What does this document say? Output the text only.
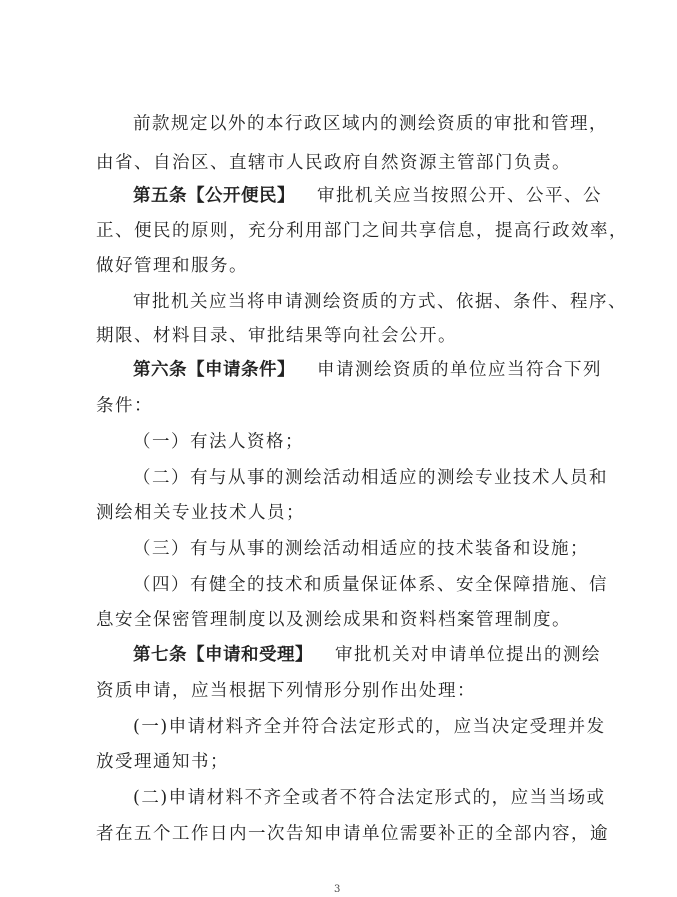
前款规定以外的本行政区域内的测绘资质的审批和管理，
由省、自治区、直辖市人民政府自然资源主管部门负责。
第五条【公开便民】 审批机关应当按照公开、公平、公
正、便民的原则，充分利用部门之间共享信息，提高行政效率，
做好管理和服务。
审批机关应当将申请测绘资质的方式、依据、条件、程序、
期限、材料目录、审批结果等向社会公开。
第六条【申请条件】 申请测绘资质的单位应当符合下列
条件：
（一）有法人资格；
（二）有与从事的测绘活动相适应的测绘专业技术人员和
测绘相关专业技术人员；
（三）有与从事的测绘活动相适应的技术装备和设施；
（四）有健全的技术和质量保证体系、安全保障措施、信
息安全保密管理制度以及测绘成果和资料档案管理制度。
第七条【申请和受理】 审批机关对申请单位提出的测绘
资质申请，应当根据下列情形分别作出处理：
(一)申请材料齐全并符合法定形式的，应当决定受理并发
放受理通知书；
(二)申请材料不齐全或者不符合法定形式的，应当当场或
者在五个工作日内一次告知申请单位需要补正的全部内容，逾
3
